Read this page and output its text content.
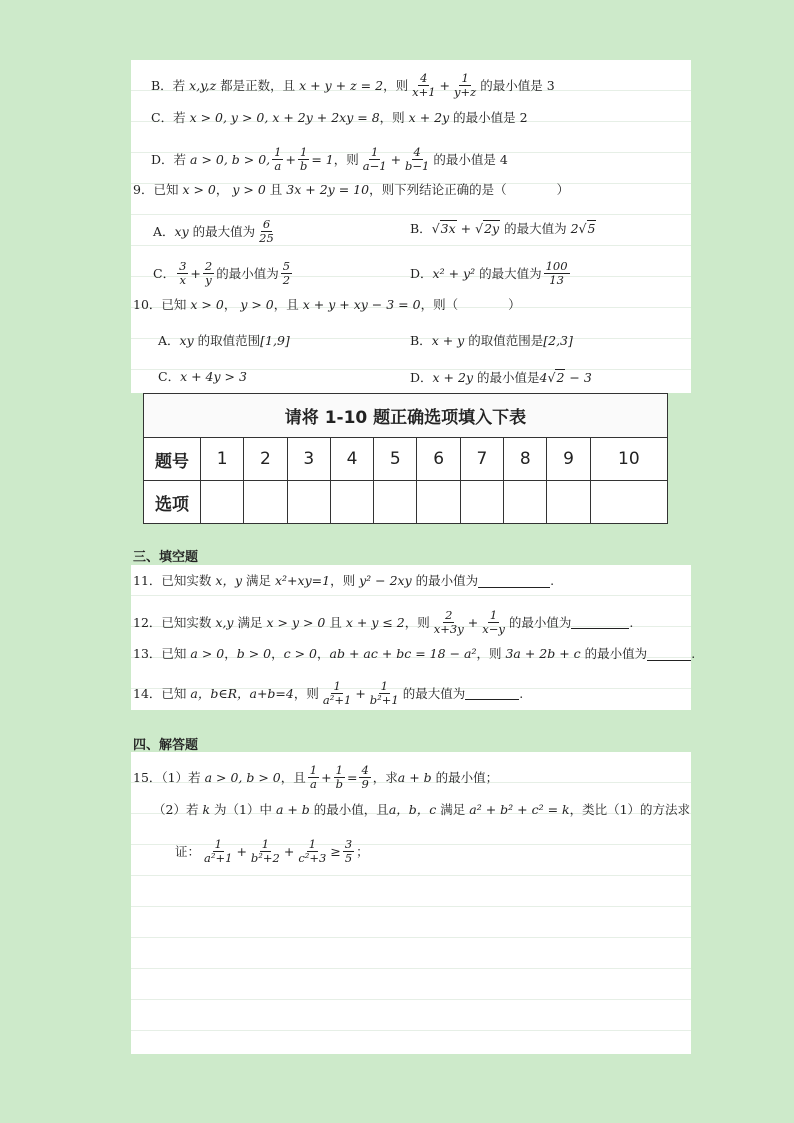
B．若
x,y,z
都是正数，且
x + y + z = 2 ，则 $\frac{4}{x+1} + \frac{1}{y+z}$ 的最小值是 3
C．若
x > 0, y > 0, x + 2y + 2xy = 8 ，则
x + 2y
的最小值是 2
D．若
a > 0, b > 0, $\frac{1}{a} + \frac{1}{b} = 1$ ，则 $\frac{1}{a-1} + \frac{4}{b-1}$ 的最小值是 4
9．已知
x > 0 ，
y > 0
且
3x + 2y = 10 ，则下列结论正确的是（　　　　）
A． xy
的最大值为 $\frac{6}{25}$	B． √ 3x
+ √ 2y
的最大值为
2 √ 5
C． $\frac{3}{x} + \frac{2}{y}$ 的最小值为 $\frac{5}{2}$	D． x² + y²
的最大值为 $\frac{100}{13}$
10．已知
x > 0 ，
y > 0 ，且
x + y + xy − 3 = 0 ，则（　　　　）
A． xy
的取值范围 [1,9]	B． x + y
的取值范围是 [2,3]
C． x + 4y > 3	D． x + 2y
的最小值是 4 √ 2
− 3
请将 1-10 题正确选项填入下表										
题号	1	2	3	4	5	6	7	8	9	10
选项										
三、填空题
11．已知实数
x，y
满足
x²+xy=1 ，则
y² − 2xy
的最小值为	.
12．已知实数
x,y
满足
x > y > 0
且
x + y ≤ 2 ，则 $\frac{2}{x+3y} + \frac{1}{x-y}$ 的最小值为	.
13．已知
a > 0 ， b > 0 ， c > 0 ， ab + ac + bc = 18 − a² ，则
3a + 2b + c
的最小值为	.
14．已知
a，b∈R，a+b=4 ，则 $\frac{1}{\text{a²+1}} + \frac{1}{\text{b²+1}}$ 的最大值为	.
四、解答题
15．（1）若
a > 0, b > 0 ，且 $\frac{1}{a} + \frac{1}{b} = \frac{4}{9}$ ，求 a + b
的最小值；
（2）若
k
为（1）中
a + b
的最小值，且 a，b，c
满足
a² + b² + c² = k ，类比（1）的方法求
证： $\frac{1}{\text{a²+1}} + \frac{1}{\text{b²+2}} + \frac{1}{\text{c²+3}} \ge \frac{3}{5}$ ；
